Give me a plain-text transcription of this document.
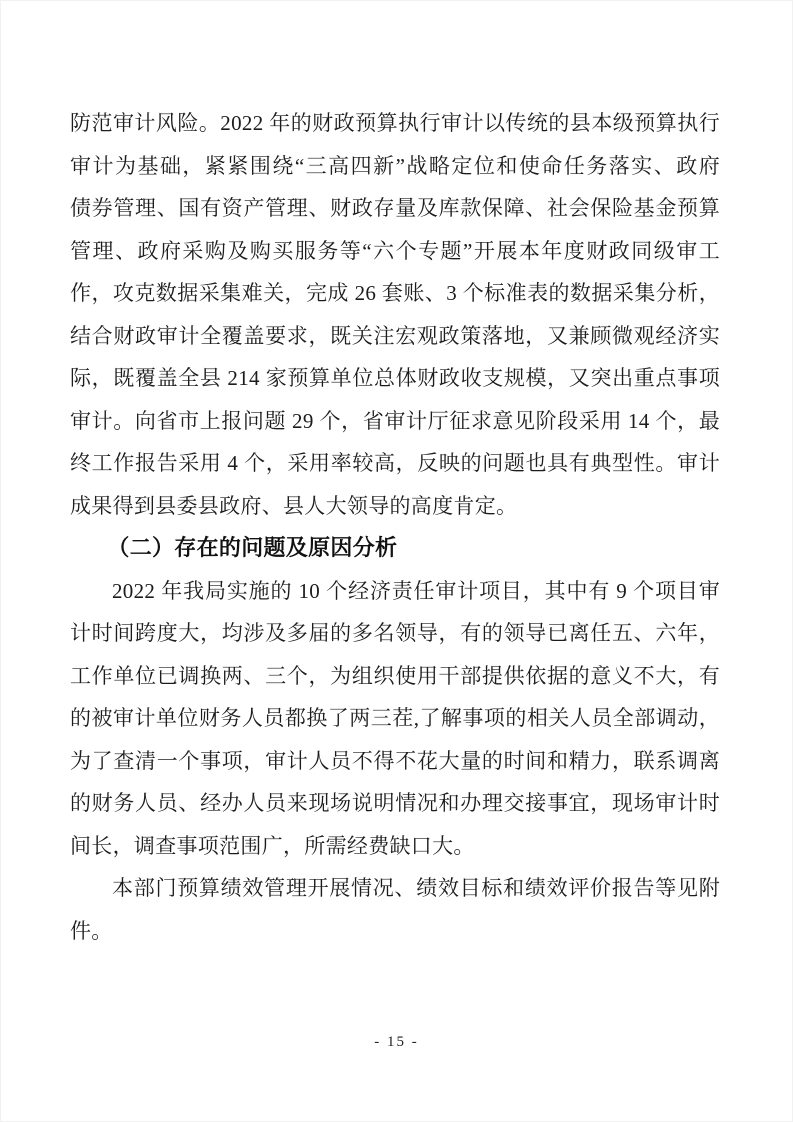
防范审计风险。2022 年的财政预算执行审计以传统的县本级预算执行
审计为基础，紧紧围绕“三高四新”战略定位和使命任务落实、政府
债券管理、国有资产管理、财政存量及库款保障、社会保险基金预算
管理、政府采购及购买服务等“六个专题”开展本年度财政同级审工
作，攻克数据采集难关，完成 26 套账、3 个标准表的数据采集分析，
结合财政审计全覆盖要求，既关注宏观政策落地，又兼顾微观经济实
际，既覆盖全县 214 家预算单位总体财政收支规模，又突出重点事项
审计。向省市上报问题 29 个，省审计厅征求意见阶段采用 14 个，最
终工作报告采用 4 个，采用率较高，反映的问题也具有典型性。审计
成果得到县委县政府、县人大领导的高度肯定。
（二）存在的问题及原因分析
2022 年我局实施的 10 个经济责任审计项目，其中有 9 个项目审
计时间跨度大，均涉及多届的多名领导，有的领导已离任五、六年，
工作单位已调换两、三个，为组织使用干部提供依据的意义不大，有
的被审计单位财务人员都换了两三茬,了解事项的相关人员全部调动，
为了查清一个事项，审计人员不得不花大量的时间和精力，联系调离
的财务人员、经办人员来现场说明情况和办理交接事宜，现场审计时
间长，调查事项范围广，所需经费缺口大。
本部门预算绩效管理开展情况、绩效目标和绩效评价报告等见附
件。
- 15 -
